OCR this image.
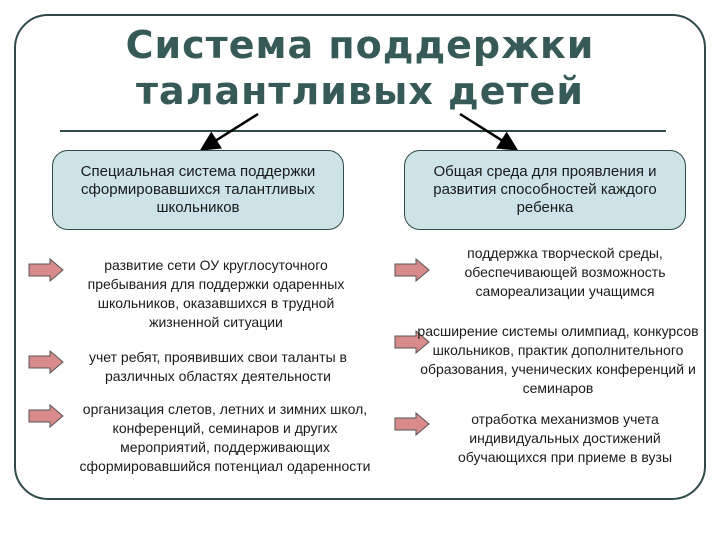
Система поддержки
талантливых детей
Специальная система поддержки сформировавшихся талантливых школьников
Общая среда для проявления и развития способностей каждого ребенка
развитие сети ОУ круглосуточного пребывания для поддержки одаренных школьников, оказавшихся в трудной жизненной ситуации
учет ребят, проявивших свои таланты в различных областях деятельности
организация слетов, летних и зимних школ, конференций, семинаров и других мероприятий, поддерживающих сформировавшийся потенциал одаренности
поддержка творческой среды, обеспечивающей возможность самореализации учащимся
расширение системы олимпиад, конкурсов школьников, практик дополнительного образования, ученических конференций и семинаров
отработка механизмов учета индивидуальных достижений обучающихся при приеме в вузы
